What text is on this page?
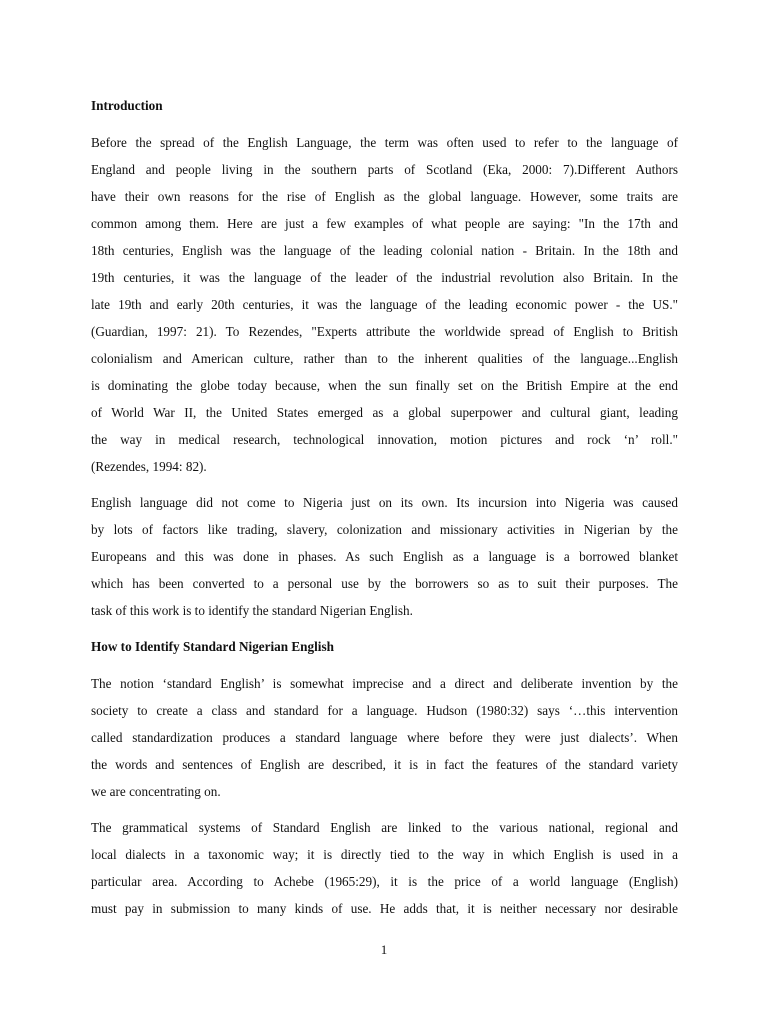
Introduction
Before the spread of the English Language, the term was often used to refer to the language of
England and people living in the southern parts of Scotland (Eka, 2000: 7).Different Authors
have their own reasons for the rise of English as the global language. However, some traits are
common among them. Here are just a few examples of what people are saying: "In the 17th and
18th centuries, English was the language of the leading colonial nation - Britain. In the 18th and
19th centuries, it was the language of the leader of the industrial revolution also Britain. In the
late 19th and early 20th centuries, it was the language of the leading economic power - the US."
(Guardian, 1997: 21). To Rezendes, "Experts attribute the worldwide spread of English to British
colonialism and American culture, rather than to the inherent qualities of the language...English
is dominating the globe today because, when the sun finally set on the British Empire at the end
of World War II, the United States emerged as a global superpower and cultural giant, leading
the way in medical research, technological innovation, motion pictures and rock ‘n’ roll."
(Rezendes, 1994: 82).
English language did not come to Nigeria just on its own. Its incursion into Nigeria was caused
by lots of factors like trading, slavery, colonization and missionary activities in Nigerian by the
Europeans and this was done in phases. As such English as a language is a borrowed blanket
which has been converted to a personal use by the borrowers so as to suit their purposes. The
task of this work is to identify the standard Nigerian English.
How to Identify Standard Nigerian English
The notion ‘standard English’ is somewhat imprecise and a direct and deliberate invention by the
society to create a class and standard for a language. Hudson (1980:32) says ‘…this intervention
called standardization produces a standard language where before they were just dialects’. When
the words and sentences of English are described, it is in fact the features of the standard variety
we are concentrating on.
The grammatical systems of Standard English are linked to the various national, regional and
local dialects in a taxonomic way; it is directly tied to the way in which English is used in a
particular area. According to Achebe (1965:29), it is the price of a world language (English)
must pay in submission to many kinds of use. He adds that, it is neither necessary nor desirable
1
